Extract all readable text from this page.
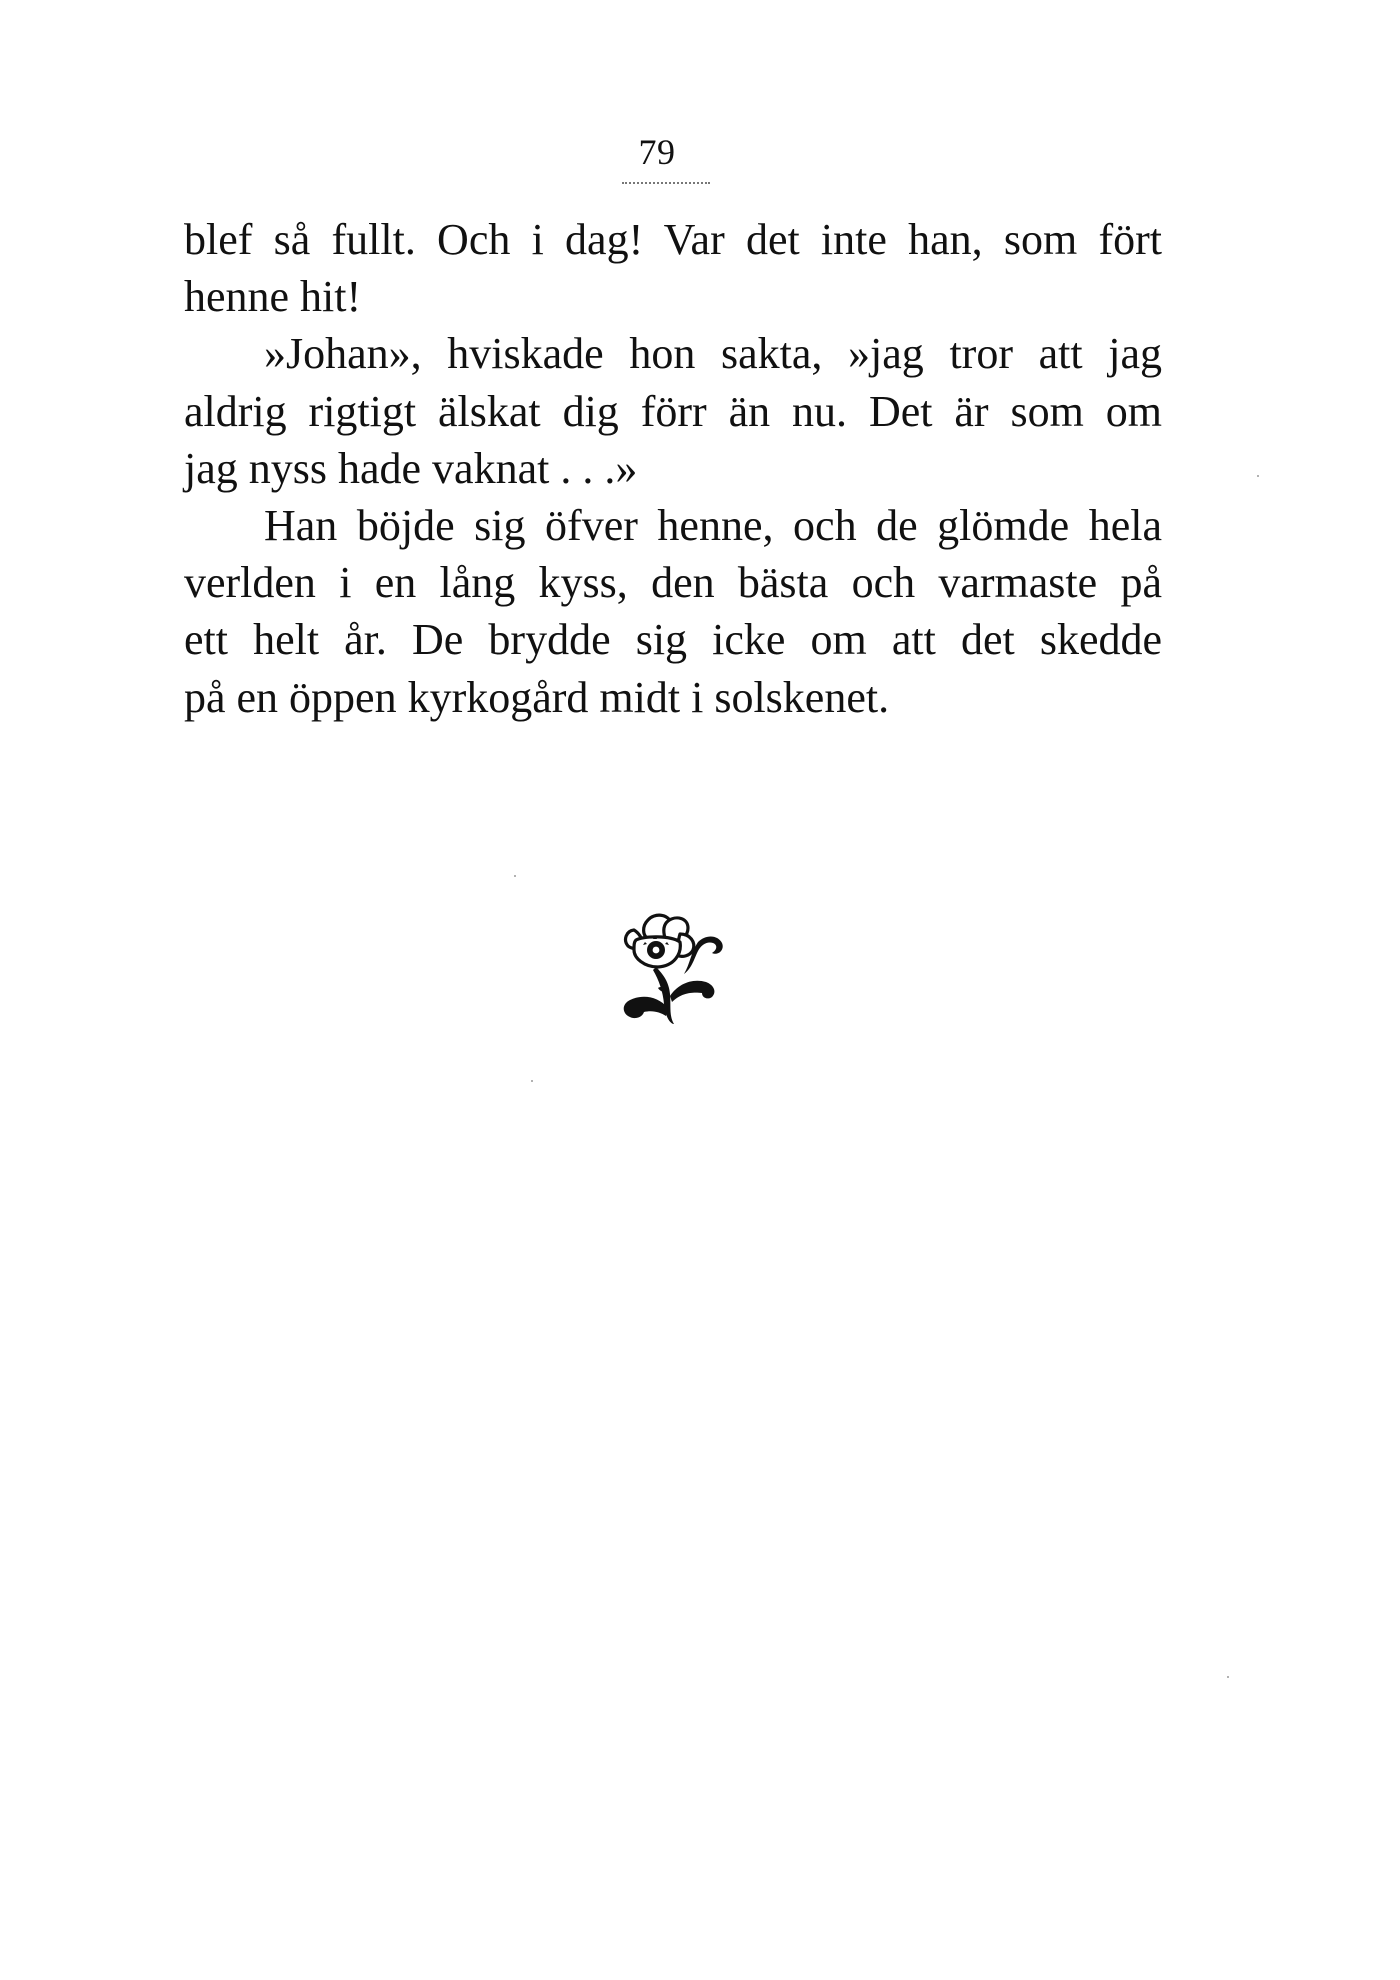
79
blef så fullt. Och i dag! Var det inte han, som fört
henne hit!
»Johan», hviskade hon sakta, »jag tror att jag
aldrig rigtigt älskat dig förr än nu. Det är som om
jag nyss hade vaknat . . .»
Han böjde sig öfver henne, och de glömde hela
verlden i en lång kyss, den bästa och varmaste på
ett helt år. De brydde sig icke om att det skedde
på en öppen kyrkogård midt i solskenet.
